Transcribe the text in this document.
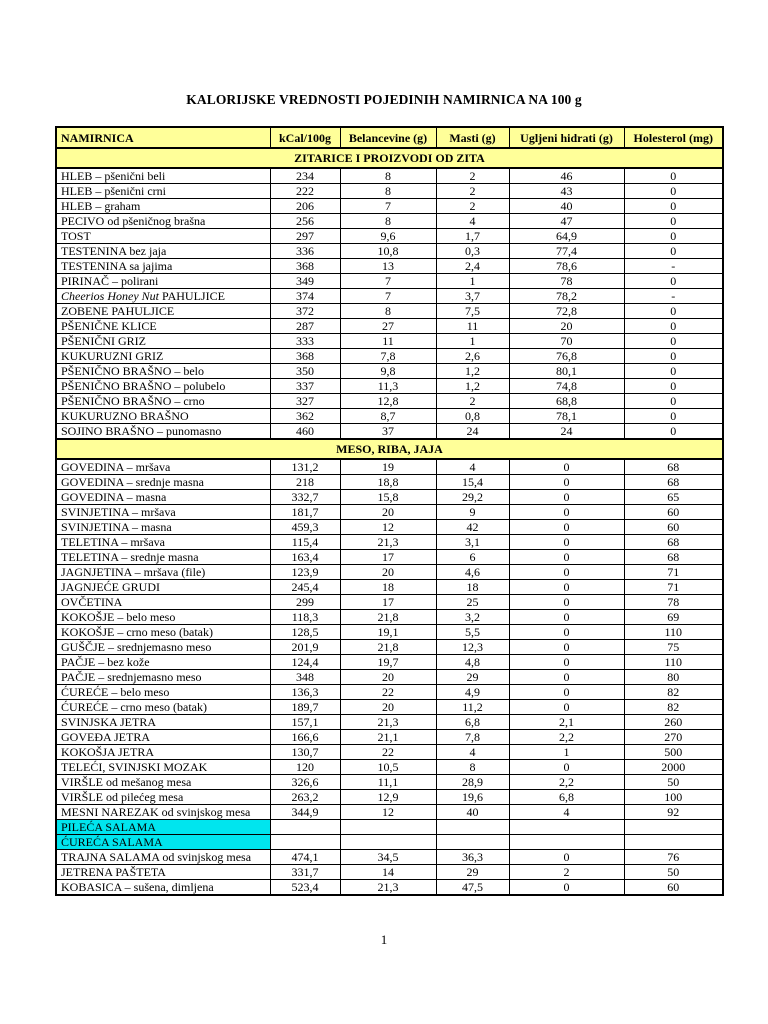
KALORIJSKE VREDNOSTI POJEDINIH NAMIRNICA NA 100 g
NAMIRNICA	kCal/100g	Belancevine (g)	Masti (g)	Ugljeni hidrati (g)	Holesterol (mg)
ZITARICE I PROIZVODI OD ZITA					
HLEB – pšenični beli	234	8	2	46	0
HLEB – pšenični crni	222	8	2	43	0
HLEB – graham	206	7	2	40	0
PECIVO od pšeničnog brašna	256	8	4	47	0
TOST	297	9,6	1,7	64,9	0
TESTENINA bez jaja	336	10,8	0,3	77,4	0
TESTENINA sa jajima	368	13	2,4	78,6	-
PIRINAČ – polirani	349	7	1	78	0
Cheerios Honey Nut PAHULJICE	374	7	3,7	78,2	-
ZOBENE PAHULJICE	372	8	7,5	72,8	0
PŠENIČNE KLICE	287	27	11	20	0
PŠENIČNI GRIZ	333	11	1	70	0
KUKURUZNI GRIZ	368	7,8	2,6	76,8	0
PŠENIČNO BRAŠNO – belo	350	9,8	1,2	80,1	0
PŠENIČNO BRAŠNO – polubelo	337	11,3	1,2	74,8	0
PŠENIČNO BRAŠNO – crno	327	12,8	2	68,8	0
KUKURUZNO BRAŠNO	362	8,7	0,8	78,1	0
SOJINO BRAŠNO – punomasno	460	37	24	24	0
MESO, RIBA, JAJA					
GOVEDINA – mršava	131,2	19	4	0	68
GOVEDINA – srednje masna	218	18,8	15,4	0	68
GOVEDINA – masna	332,7	15,8	29,2	0	65
SVINJETINA – mršava	181,7	20	9	0	60
SVINJETINA – masna	459,3	12	42	0	60
TELETINA – mršava	115,4	21,3	3,1	0	68
TELETINA – srednje masna	163,4	17	6	0	68
JAGNJETINA – mršava (file)	123,9	20	4,6	0	71
JAGNJEĆE GRUDI	245,4	18	18	0	71
OVČETINA	299	17	25	0	78
KOKOŠJE – belo meso	118,3	21,8	3,2	0	69
KOKOŠJE – crno meso (batak)	128,5	19,1	5,5	0	110
GUŠČJE – srednjemasno meso	201,9	21,8	12,3	0	75
PAČJE – bez kože	124,4	19,7	4,8	0	110
PAČJE – srednjemasno meso	348	20	29	0	80
ĆUREĆE – belo meso	136,3	22	4,9	0	82
ĆUREĆE – crno meso (batak)	189,7	20	11,2	0	82
SVINJSKA JETRA	157,1	21,3	6,8	2,1	260
GOVEĐA JETRA	166,6	21,1	7,8	2,2	270
KOKOŠJA JETRA	130,7	22	4	1	500
TELEĆI, SVINJSKI MOZAK	120	10,5	8	0	2000
VIRŠLE od mešanog mesa	326,6	11,1	28,9	2,2	50
VIRŠLE od pilećeg mesa	263,2	12,9	19,6	6,8	100
MESNI NAREZAK od svinjskog mesa	344,9	12	40	4	92
PILEĆA SALAMA					
ĆUREĆA SALAMA					
TRAJNA SALAMA od svinjskog mesa	474,1	34,5	36,3	0	76
JETRENA PAŠTETA	331,7	14	29	2	50
KOBASICA – sušena, dimljena	523,4	21,3	47,5	0	60
1
